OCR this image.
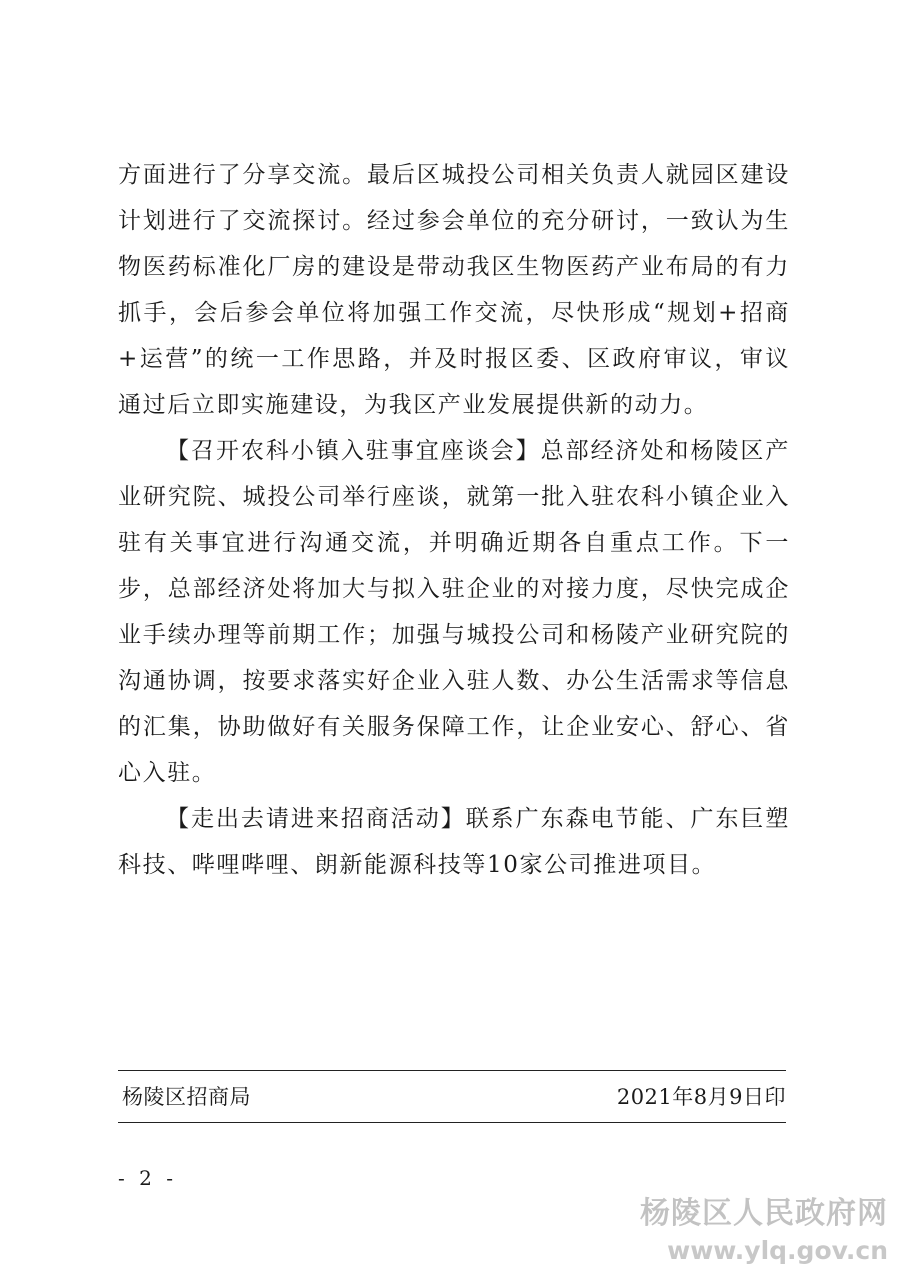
方面进行了分享交流。最后区城投公司相关负责人就园区建设计划进行了交流探讨。经过参会单位的充分研讨，一致认为生物医药标准化厂房的建设是带动我区生物医药产业布局的有力抓手，会后参会单位将加强工作交流，尽快形成“规划+招商+运营”的统一工作思路，并及时报区委、区政府审议，审议通过后立即实施建设，为我区产业发展提供新的动力。

【召开农科小镇入驻事宜座谈会】总部经济处和杨陵区产业研究院、城投公司举行座谈，就第一批入驻农科小镇企业入驻有关事宜进行沟通交流，并明确近期各自重点工作。下一步，总部经济处将加大与拟入驻企业的对接力度，尽快完成企业手续办理等前期工作；加强与城投公司和杨陵产业研究院的沟通协调，按要求落实好企业入驻人数、办公生活需求等信息的汇集，协助做好有关服务保障工作，让企业安心、舒心、省心入驻。

【走出去请进来招商活动】联系广东森电节能、广东巨塑科技、哔哩哔哩、朗新能源科技等10家公司推进项目。

杨陵区招商局	2021年8月9日印
- 2 -
杨陵区人民政府网
www.ylq.gov.cn
